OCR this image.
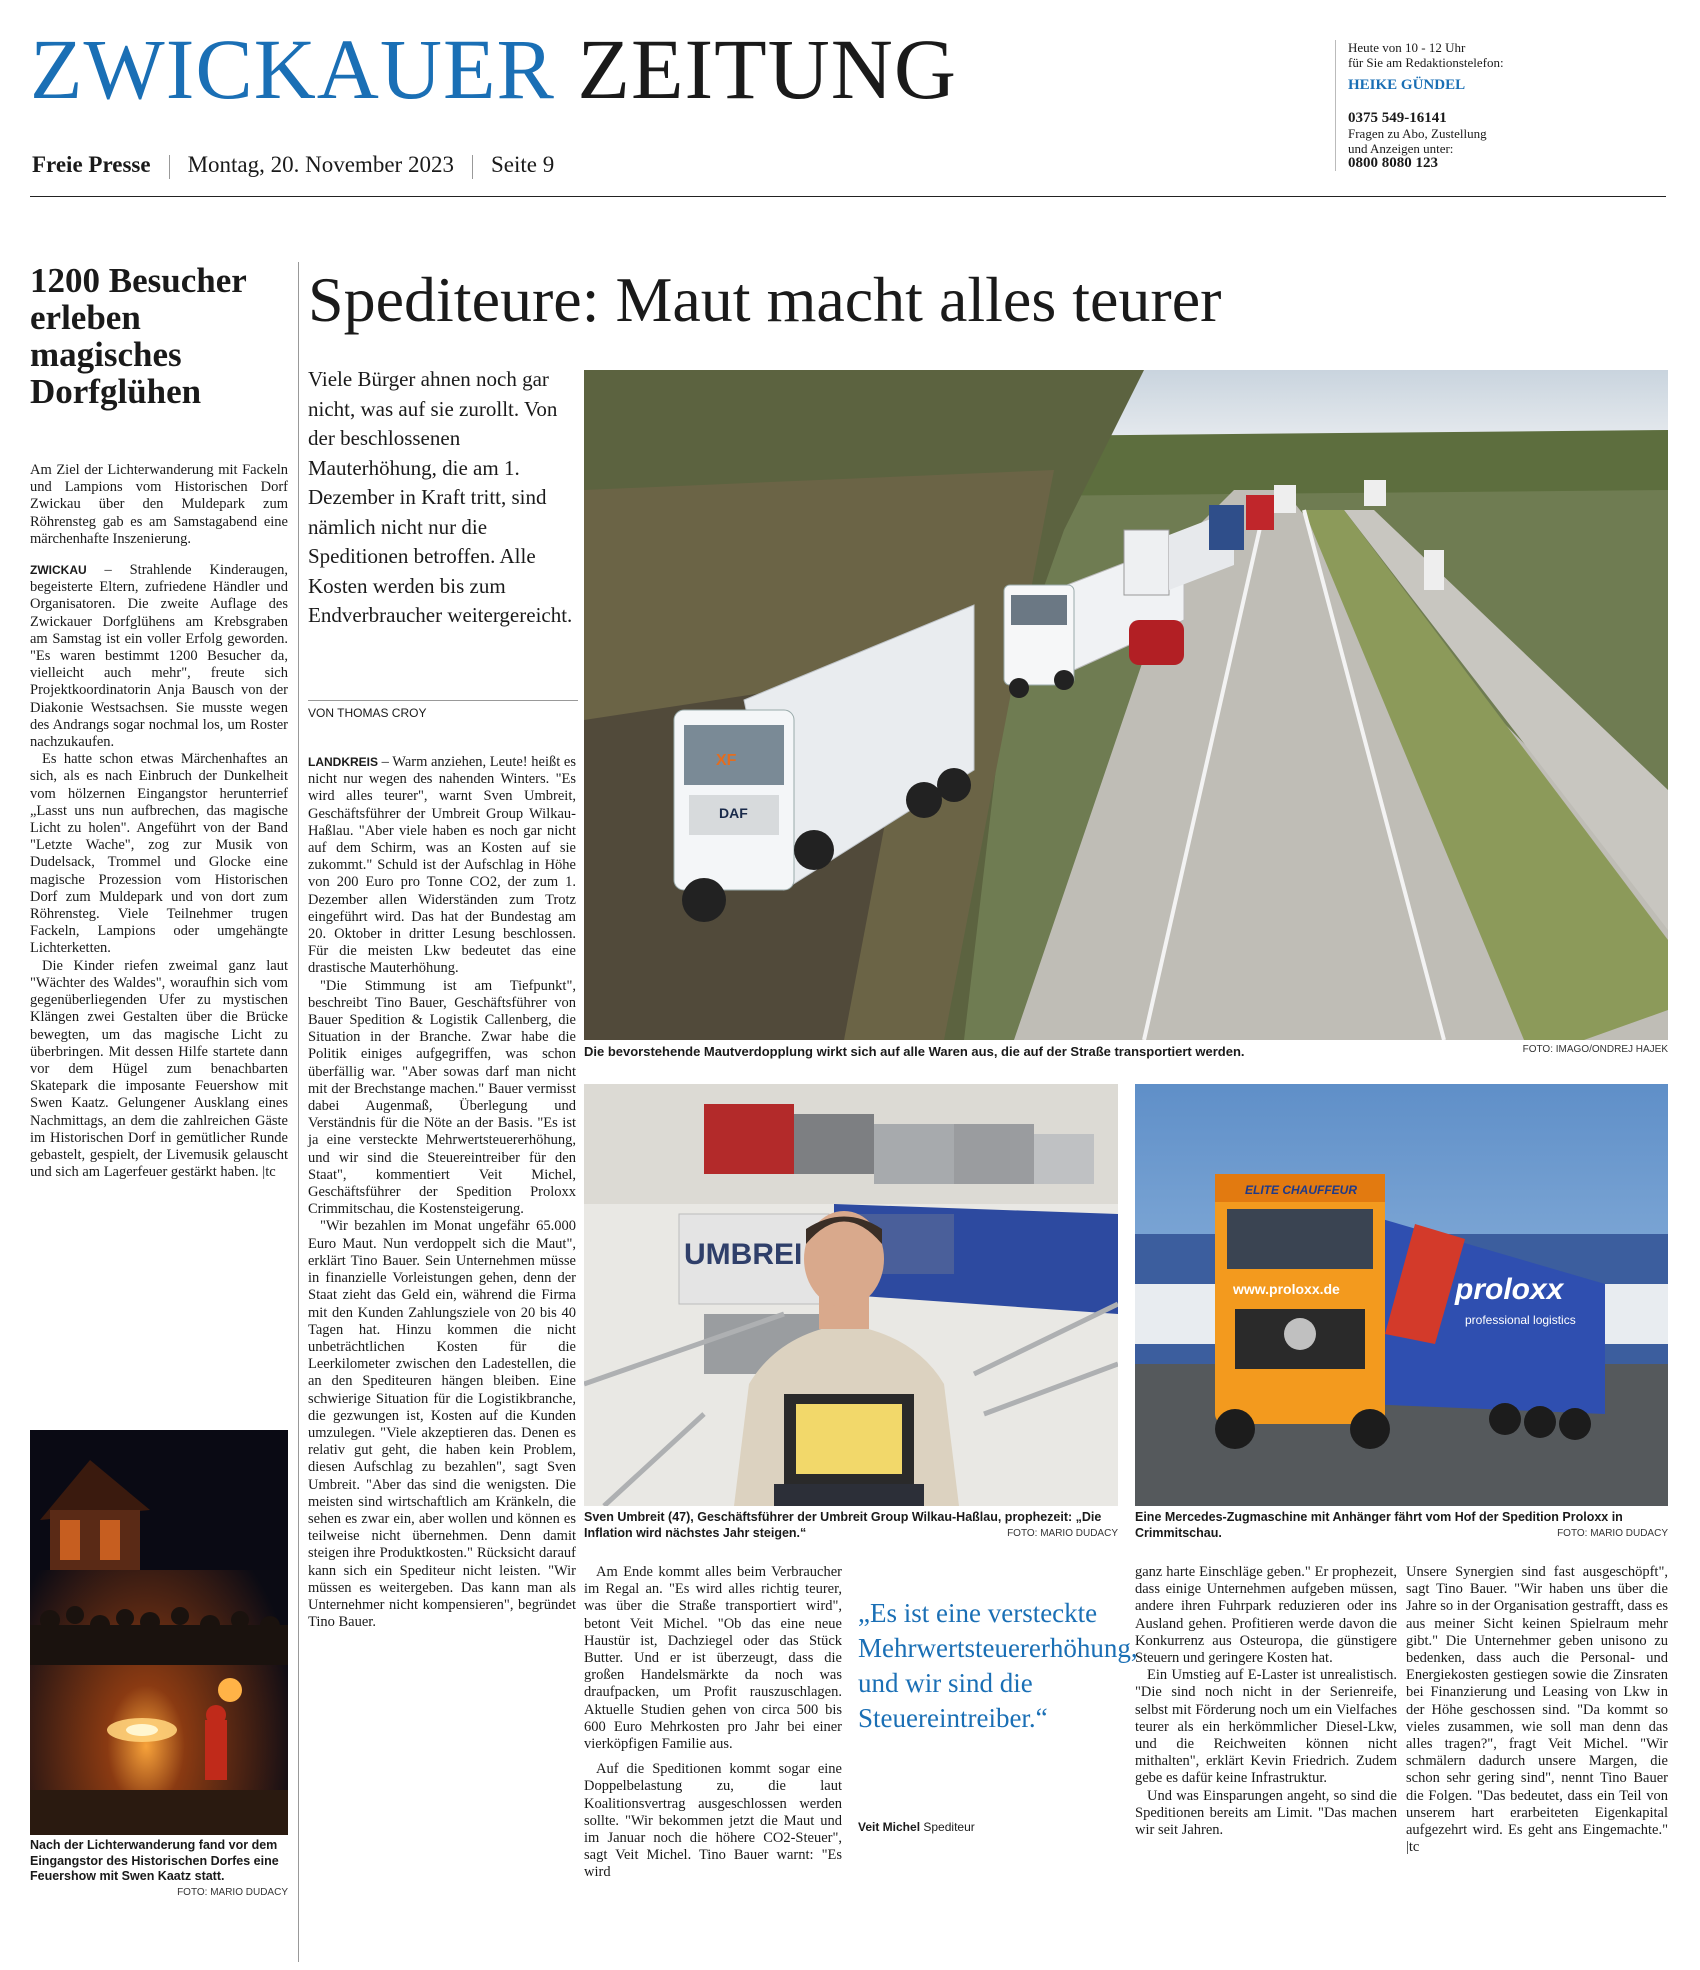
ZWICKAUER ZEITUNG
Freie Presse Montag, 20. November 2023 Seite 9
Heute von 10 - 12 Uhr
für Sie am Redaktionstelefon:
HEIKE GÜNDEL
0375 549-16141
Fragen zu Abo, Zustellung
und Anzeigen unter:
0800 8080 123
1200 Besucher erleben magisches Dorfglühen

Am Ziel der Lichterwanderung mit Fackeln und Lampions vom Historischen Dorf Zwickau über den Muldepark zum Röhrensteg gab es am Samstagabend eine märchenhafte Inszenierung.

ZWICKAU – Strahlende Kinderaugen, begeisterte Eltern, zufriedene Händler und Organisatoren. Die zweite Auflage des Zwickauer Dorfglühens am Krebsgraben am Samstag ist ein voller Erfolg geworden. "Es waren bestimmt 1200 Besucher da, vielleicht auch mehr", freute sich Projektkoordinatorin Anja Bausch von der Diakonie Westsachsen. Sie musste wegen des Andrangs sogar nochmal los, um Roster nachzukaufen.

Es hatte schon etwas Märchenhaftes an sich, als es nach Einbruch der Dunkelheit vom hölzernen Eingangstor herunterrief „Lasst uns nun aufbrechen, das magische Licht zu holen". Angeführt von der Band "Letzte Wache", zog zur Musik von Dudelsack, Trommel und Glocke eine magische Prozession vom Historischen Dorf zum Muldepark und von dort zum Röhrensteg. Viele Teilnehmer trugen Fackeln, Lampions oder umgehängte Lichterketten.

Die Kinder riefen zweimal ganz laut "Wächter des Waldes", woraufhin sich vom gegenüberliegenden Ufer zu mystischen Klängen zwei Gestalten über die Brücke bewegten, um das magische Licht zu überbringen. Mit dessen Hilfe startete dann vor dem Hügel zum benachbarten Skatepark die imposante Feuershow mit Swen Kaatz. Gelungener Ausklang eines Nachmittags, an dem die zahlreichen Gäste im Historischen Dorf in gemütlicher Runde gebastelt, gespielt, der Livemusik gelauscht und sich am Lagerfeuer gestärkt haben. |tc

Nach der Lichterwanderung fand vor dem Eingangstor des Historischen Dorfes eine Feuershow mit Swen Kaatz statt.
FOTO: MARIO DUDACY
Spediteure: Maut macht alles teurer
Viele Bürger ahnen noch gar nicht, was auf sie zurollt. Von der beschlossenen Mauterhöhung, die am 1. Dezember in Kraft tritt, sind nämlich nicht nur die Speditionen betroffen. Alle Kosten werden bis zum Endverbraucher weitergereicht.
VON THOMAS CROY

LANDKREIS – Warm anziehen, Leute! heißt es nicht nur wegen des nahenden Winters. "Es wird alles teurer", warnt Sven Umbreit, Geschäftsführer der Umbreit Group Wilkau-Haßlau. "Aber viele haben es noch gar nicht auf dem Schirm, was an Kosten auf sie zukommt." Schuld ist der Aufschlag in Höhe von 200 Euro pro Tonne CO2, der zum 1. Dezember allen Widerständen zum Trotz eingeführt wird. Das hat der Bundestag am 20. Oktober in dritter Lesung beschlossen. Für die meisten Lkw bedeutet das eine drastische Mauterhöhung.

"Die Stimmung ist am Tiefpunkt", beschreibt Tino Bauer, Geschäftsführer von Bauer Spedition & Logistik Callenberg, die Situation in der Branche. Zwar habe die Politik einiges aufgegriffen, was schon überfällig war. "Aber sowas darf man nicht mit der Brechstange machen." Bauer vermisst dabei Augenmaß, Überlegung und Verständnis für die Nöte an der Basis. "Es ist ja eine versteckte Mehrwertsteuererhöhung, und wir sind die Steuereintreiber für den Staat", kommentiert Veit Michel, Geschäftsführer der Spedition Proloxx Crimmitschau, die Kostensteigerung.

"Wir bezahlen im Monat ungefähr 65.000 Euro Maut. Nun verdoppelt sich die Maut", erklärt Tino Bauer. Sein Unternehmen müsse in finanzielle Vorleistungen gehen, denn der Staat zieht das Geld ein, während die Firma mit den Kunden Zahlungsziele von 20 bis 40 Tagen hat. Hinzu kommen die nicht unbeträchtlichen Kosten für die Leerkilometer zwischen den Ladestellen, die an den Spediteuren hängen bleiben. Eine schwierige Situation für die Logistikbranche, die gezwungen ist, Kosten auf die Kunden umzulegen. "Viele akzeptieren das. Denen es relativ gut geht, die haben kein Problem, diesen Aufschlag zu bezahlen", sagt Sven Umbreit. "Aber das sind die wenigsten. Die meisten sind wirtschaftlich am Kränkeln, die sehen es zwar ein, aber wollen und können es teilweise nicht übernehmen. Denn damit steigen ihre Produktkosten." Rücksicht darauf kann sich ein Spediteur nicht leisten. "Wir müssen es weitergeben. Das kann man als Unternehmer nicht kompensieren", begründet Tino Bauer.

XF
DAF
Die bevorstehende Mautverdopplung wirkt sich auf alle Waren aus, die auf der Straße transportiert werden.	FOTO: IMAGO/ONDREJ HAJEK
UMBREI
Sven Umbreit (47), Geschäftsführer der Umbreit Group Wilkau-Haßlau, prophezeit: „Die Inflation wird nächstes Jahr steigen.“	FOTO: MARIO DUDACY
proloxx
professional logistics
ELITE CHAUFFEUR
www.proloxx.de
Eine Mercedes-Zugmaschine mit Anhänger fährt vom Hof der Spedition Proloxx in Crimmitschau.	FOTO: MARIO DUDACY

Am Ende kommt alles beim Verbraucher im Regal an. "Es wird alles richtig teurer, was über die Straße transportiert wird", betont Veit Michel. "Ob das eine neue Haustür ist, Dachziegel oder das Stück Butter. Und er ist überzeugt, dass die großen Handelsmärkte da noch was draufpacken, um Profit rauszuschlagen. Aktuelle Studien gehen von circa 500 bis 600 Euro Mehrkosten pro Jahr bei einer vierköpfigen Familie aus.

Auf die Speditionen kommt sogar eine Doppelbelastung zu, die laut Koalitionsvertrag ausgeschlossen werden sollte. "Wir bekommen jetzt die Maut und im Januar noch die höhere CO2-Steuer", sagt Veit Michel. Tino Bauer warnt: "Es wird

„Es ist eine versteckte Mehrwertsteuererhöhung, und wir sind die Steuereintreiber.“
Veit Michel Spediteur

ganz harte Einschläge geben." Er prophezeit, dass einige Unternehmen aufgeben müssen, andere ihren Fuhrpark reduzieren oder ins Ausland gehen. Profitieren werde davon die Konkurrenz aus Osteuropa, die günstigere Steuern und geringere Kosten hat.

Ein Umstieg auf E-Laster ist unrealistisch. "Die sind noch nicht in der Serienreife, selbst mit Förderung noch um ein Vielfaches teurer als ein herkömmlicher Diesel-Lkw, und die Reichweiten können nicht mithalten", erklärt Kevin Friedrich. Zudem gebe es dafür keine Infrastruktur.

Und was Einsparungen angeht, so sind die Speditionen bereits am Limit. "Das machen wir seit Jahren.

Unsere Synergien sind fast ausgeschöpft", sagt Tino Bauer. "Wir haben uns über die Jahre so in der Organisation gestrafft, dass es aus meiner Sicht keinen Spielraum mehr gibt." Die Unternehmer geben unisono zu bedenken, dass auch die Personal- und Energiekosten gestiegen sowie die Zinsraten bei Finanzierung und Leasing von Lkw in der Höhe geschossen sind. "Da kommt so vieles zusammen, wie soll man denn das alles tragen?", fragt Veit Michel. "Wir schmälern dadurch unsere Margen, die schon sehr gering sind", nennt Tino Bauer die Folgen. "Das bedeutet, dass ein Teil von unserem hart erarbeiteten Eigenkapital aufgezehrt wird. Es geht ans Eingemachte." |tc
